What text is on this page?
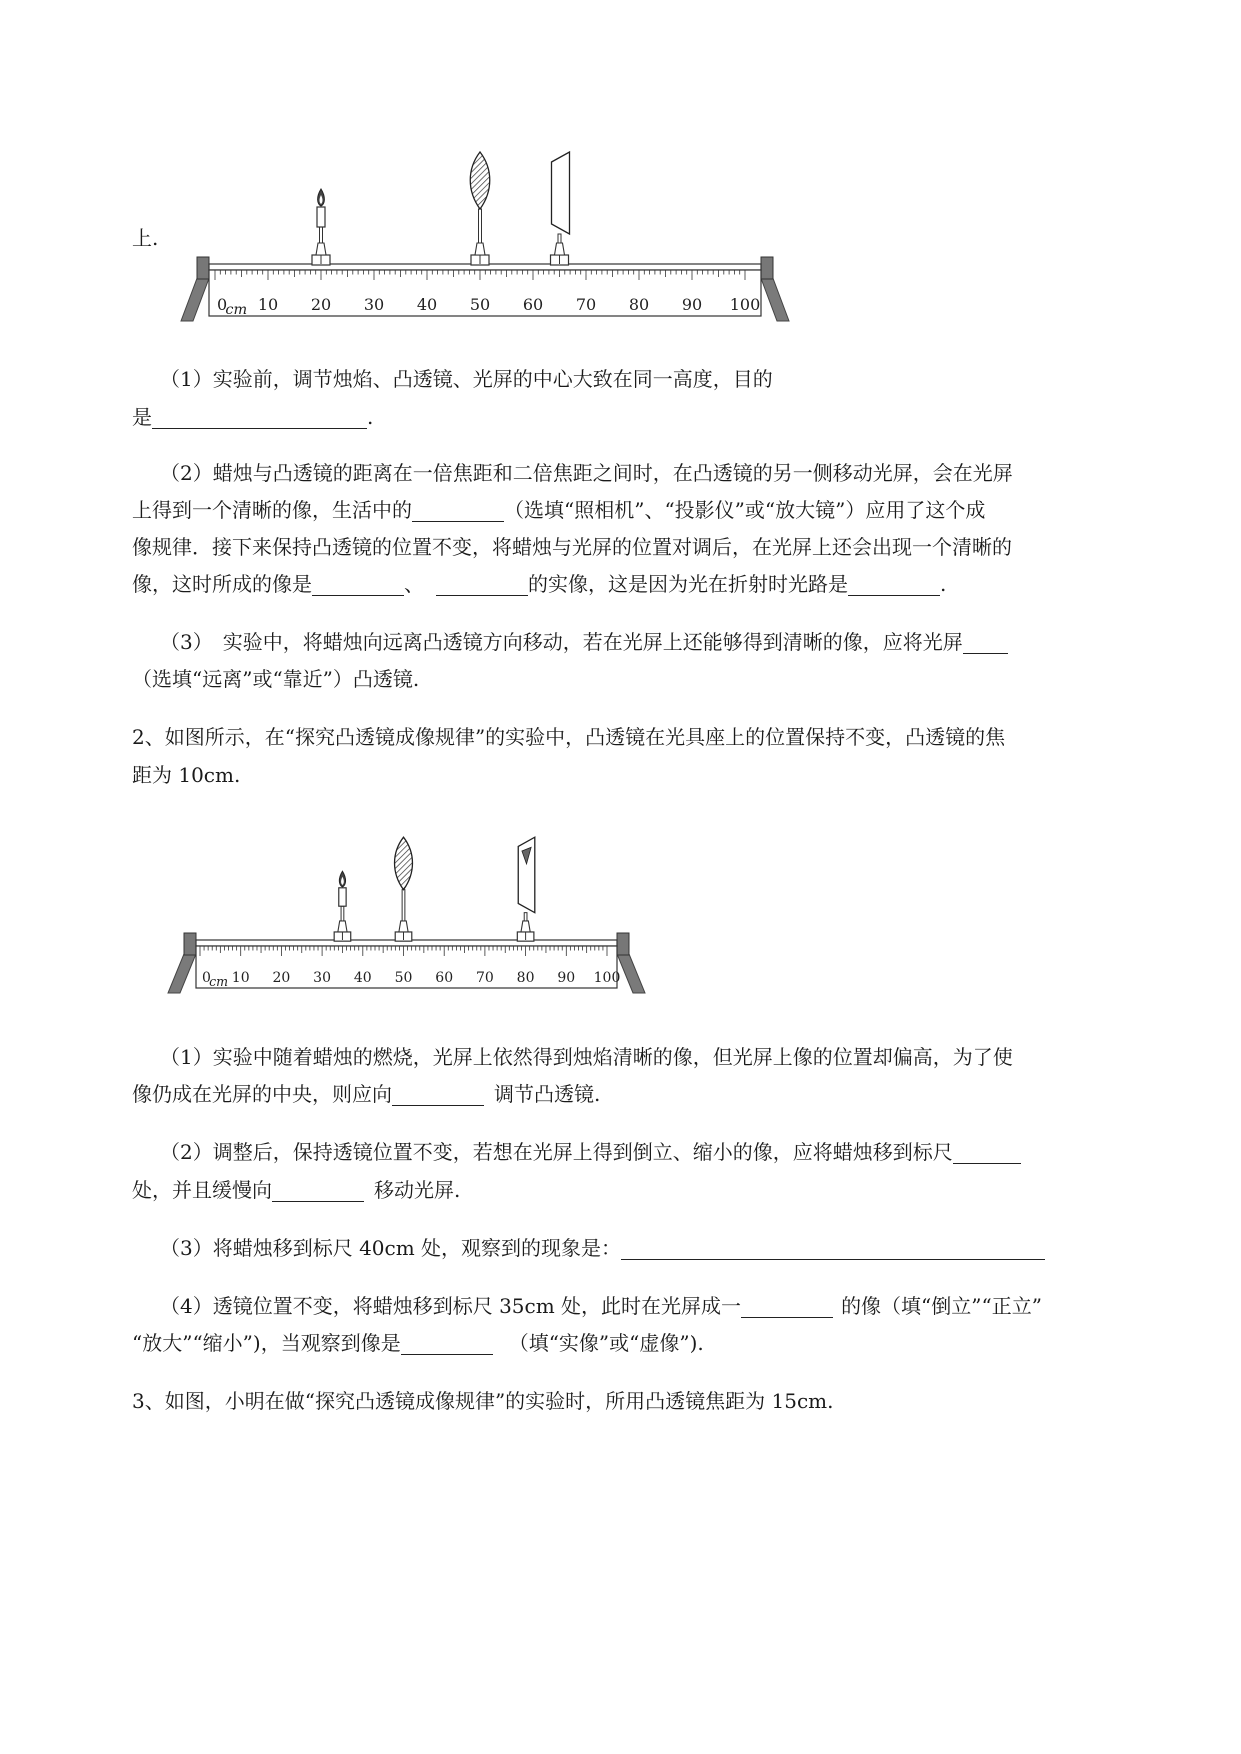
上.
0 10 20 30 40 50 60 70 80 90 100
cm
（1）实验前，调节烛焰、凸透镜、光屏的中心大致在同一高度，目的
是	.
（2）蜡烛与凸透镜的距离在一倍焦距和二倍焦距之间时，在凸透镜的另一侧移动光屏，会在光屏
上得到一个清晰的像，生活中的	（选填“照相机”、“投影仪”或“放大镜”）应用了这个成
像规律．接下来保持凸透镜的位置不变，将蜡烛与光屏的位置对调后，在光屏上还会出现一个清晰的
像，这时所成的像是	、	的实像，这是因为光在折射时光路是	.
（3）　实验中，将蜡烛向远离凸透镜方向移动，若在光屏上还能够得到清晰的像，应将光屏
（选填“远离”或“靠近”）凸透镜.
2、如图所示，在“探究凸透镜成像规律”的实验中，凸透镜在光具座上的位置保持不变，凸透镜的焦
距为 10cm.
0 10 20 30 40 50 60 70 80 90 100
cm
（1）实验中随着蜡烛的燃烧，光屏上依然得到烛焰清晰的像，但光屏上像的位置却偏高，为了使
像仍成在光屏的中央，则应向	调节凸透镜.
（2）调整后，保持透镜位置不变，若想在光屏上得到倒立、缩小的像，应将蜡烛移到标尺
处，并且缓慢向	移动光屏.
（3）将蜡烛移到标尺 40cm 处，观察到的现象是：
（4）透镜位置不变，将蜡烛移到标尺 35cm 处，此时在光屏成一	的像（填“倒立”“正立”
“放大”“缩小”)，当观察到像是	（填“实像”或“虚像”).
3、如图，小明在做“探究凸透镜成像规律”的实验时，所用凸透镜焦距为 15cm.
